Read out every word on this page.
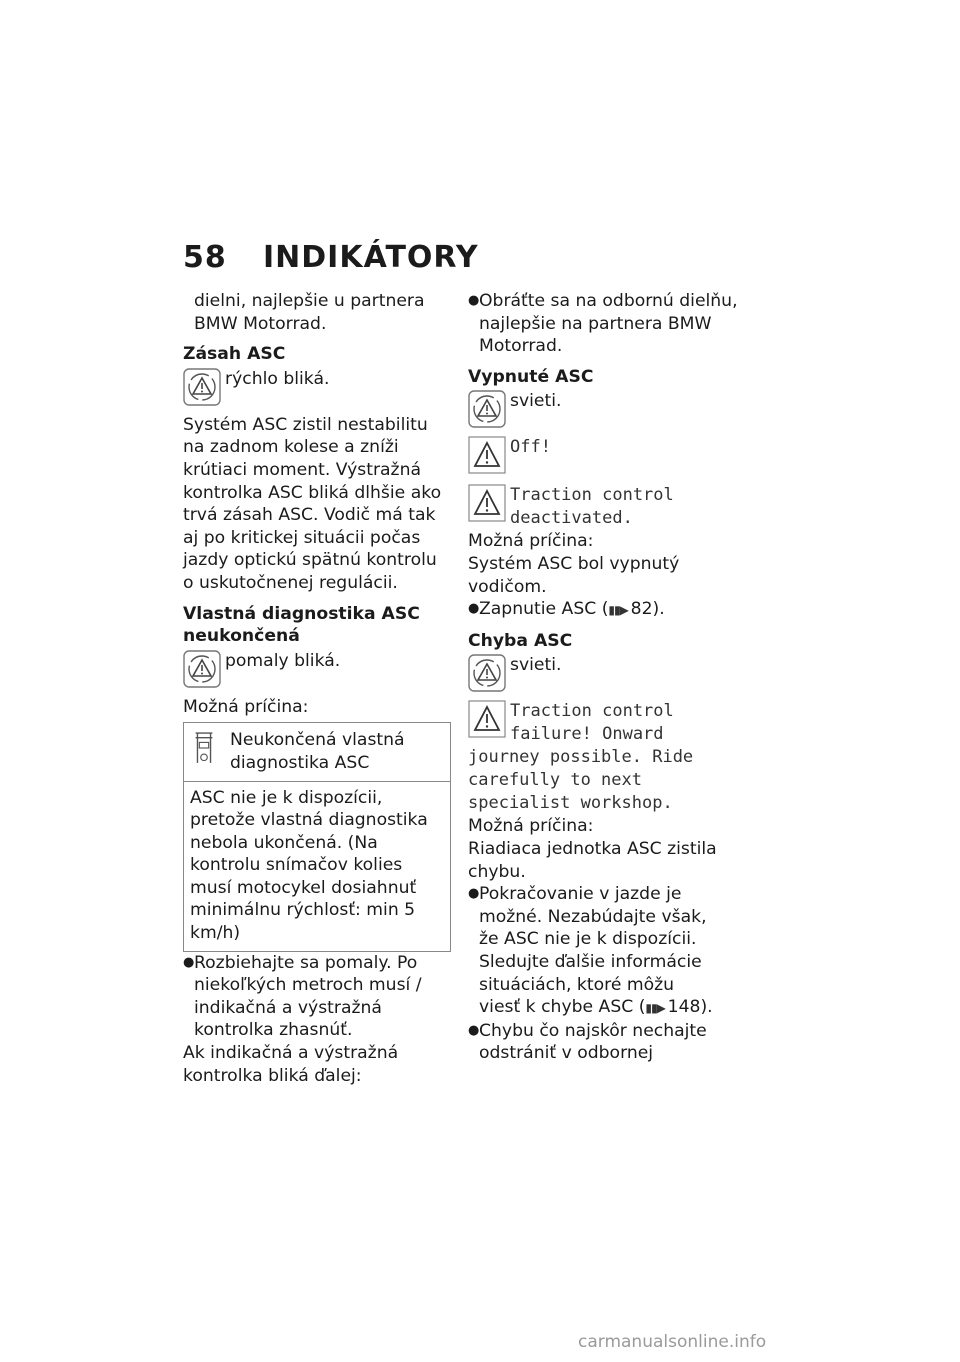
58 INDIKÁTORY

dielni, najlepšie u partnera BMW Motorrad.

Zásah ASC

rýchlo bliká.

Systém ASC zistil nestabilitu na zadnom kolese a zníži krútiaci moment. Výstražná kontrolka ASC bliká dlhšie ako trvá zásah ASC. Vodič má tak aj po kritickej situácii počas jazdy optickú spätnú kontrolu o uskutočnenej regulácii.

Vlastná diagnostika ASC neukončená

pomaly bliká.

Možná príčina:

Neukončená vlastná diagnostika ASC

ASC nie je k dispozícii, pretože vlastná diagnostika nebola ukončená. (Na kontrolu snímačov kolies musí motocykel dosiahnuť minimálnu rýchlosť: min 5 km/h)
● Rozbiehajte sa pomaly. Po niekoľkých metroch musí / indikačná a výstražná kontrolka zhasnúť.

Ak indikačná a výstražná kontrolka bliká ďalej:

● Obráťte sa na odbornú dielňu, najlepšie na partnera BMW Motorrad.

Vypnuté ASC

svieti.

Off!

Traction control deactivated.

Možná príčina:

Systém ASC bol vypnutý vodičom.

● Zapnutie ASC (▮▮▶ 82).

Chyba ASC

svieti.

Traction control failure! Onward journey possible. Ride carefully to next specialist workshop.

Možná príčina:

Riadiaca jednotka ASC zistila chybu.

● Pokračovanie v jazde je možné. Nezabúdajte však, že ASC nie je k dispozícii. Sledujte ďalšie informácie situáciách, ktoré môžu viesť k chybe ASC (▮▮▶ 148).

● Chybu čo najskôr nechajte odstrániť v odbornej

carmanualsonline.info
